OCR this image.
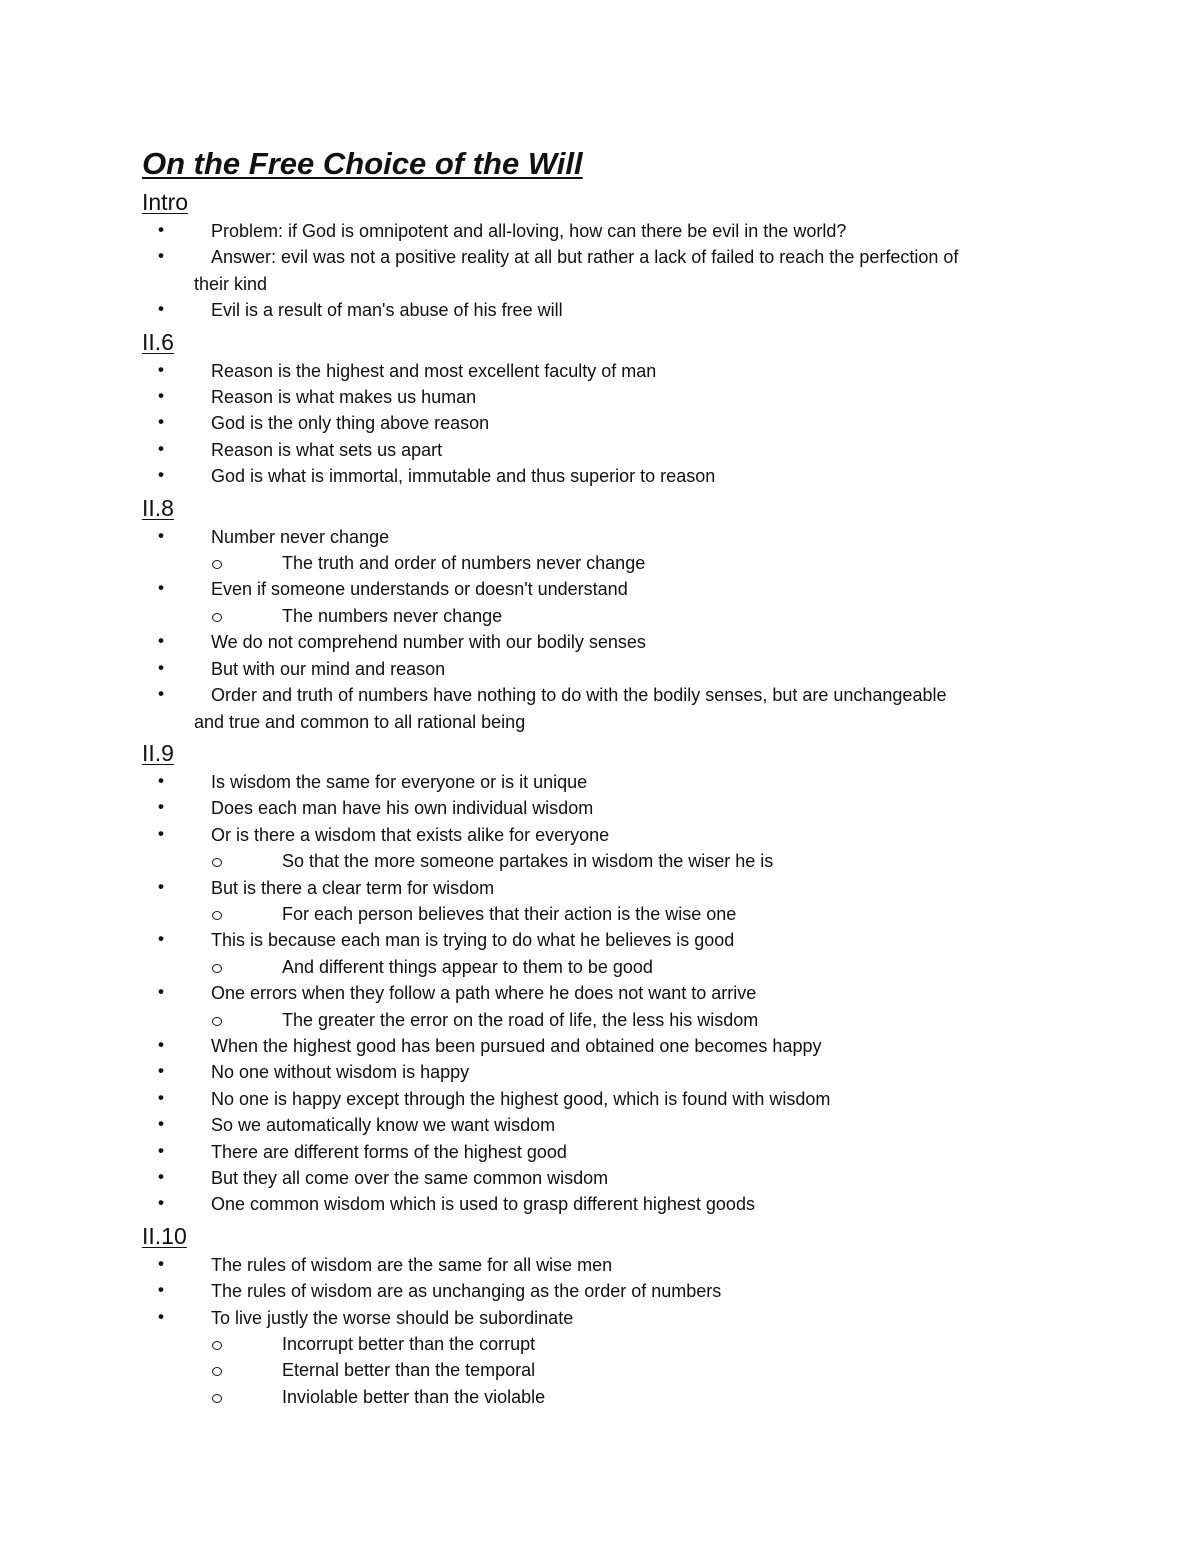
On the Free Choice of the Will
Intro
•	Problem: if God is omnipotent and all-loving, how can there be evil in the world?
•	Answer: evil was not a positive reality at all but rather a lack of failed to reach the perfection of
their kind
•	Evil is a result of man's abuse of his free will
II.6
•	Reason is the highest and most excellent faculty of man
•	Reason is what makes us human
•	God is the only thing above reason
•	Reason is what sets us apart
•	God is what is immortal, immutable and thus superior to reason
II.8
•	Number never change
The truth and order of numbers never change
•	Even if someone understands or doesn't understand
The numbers never change
•	We do not comprehend number with our bodily senses
•	But with our mind and reason
•	Order and truth of numbers have nothing to do with the bodily senses, but are unchangeable
and true and common to all rational being
II.9
•	Is wisdom the same for everyone or is it unique
•	Does each man have his own individual wisdom
•	Or is there a wisdom that exists alike for everyone
So that the more someone partakes in wisdom the wiser he is
•	But is there a clear term for wisdom
For each person believes that their action is the wise one
•	This is because each man is trying to do what he believes is good
And different things appear to them to be good
•	One errors when they follow a path where he does not want to arrive
The greater the error on the road of life, the less his wisdom
•	When the highest good has been pursued and obtained one becomes happy
•	No one without wisdom is happy
•	No one is happy except through the highest good, which is found with wisdom
•	So we automatically know we want wisdom
•	There are different forms of the highest good
•	But they all come over the same common wisdom
•	One common wisdom which is used to grasp different highest goods
II.10
•	The rules of wisdom are the same for all wise men
•	The rules of wisdom are as unchanging as the order of numbers
•	To live justly the worse should be subordinate
Incorrupt better than the corrupt
Eternal better than the temporal
Inviolable better than the violable
